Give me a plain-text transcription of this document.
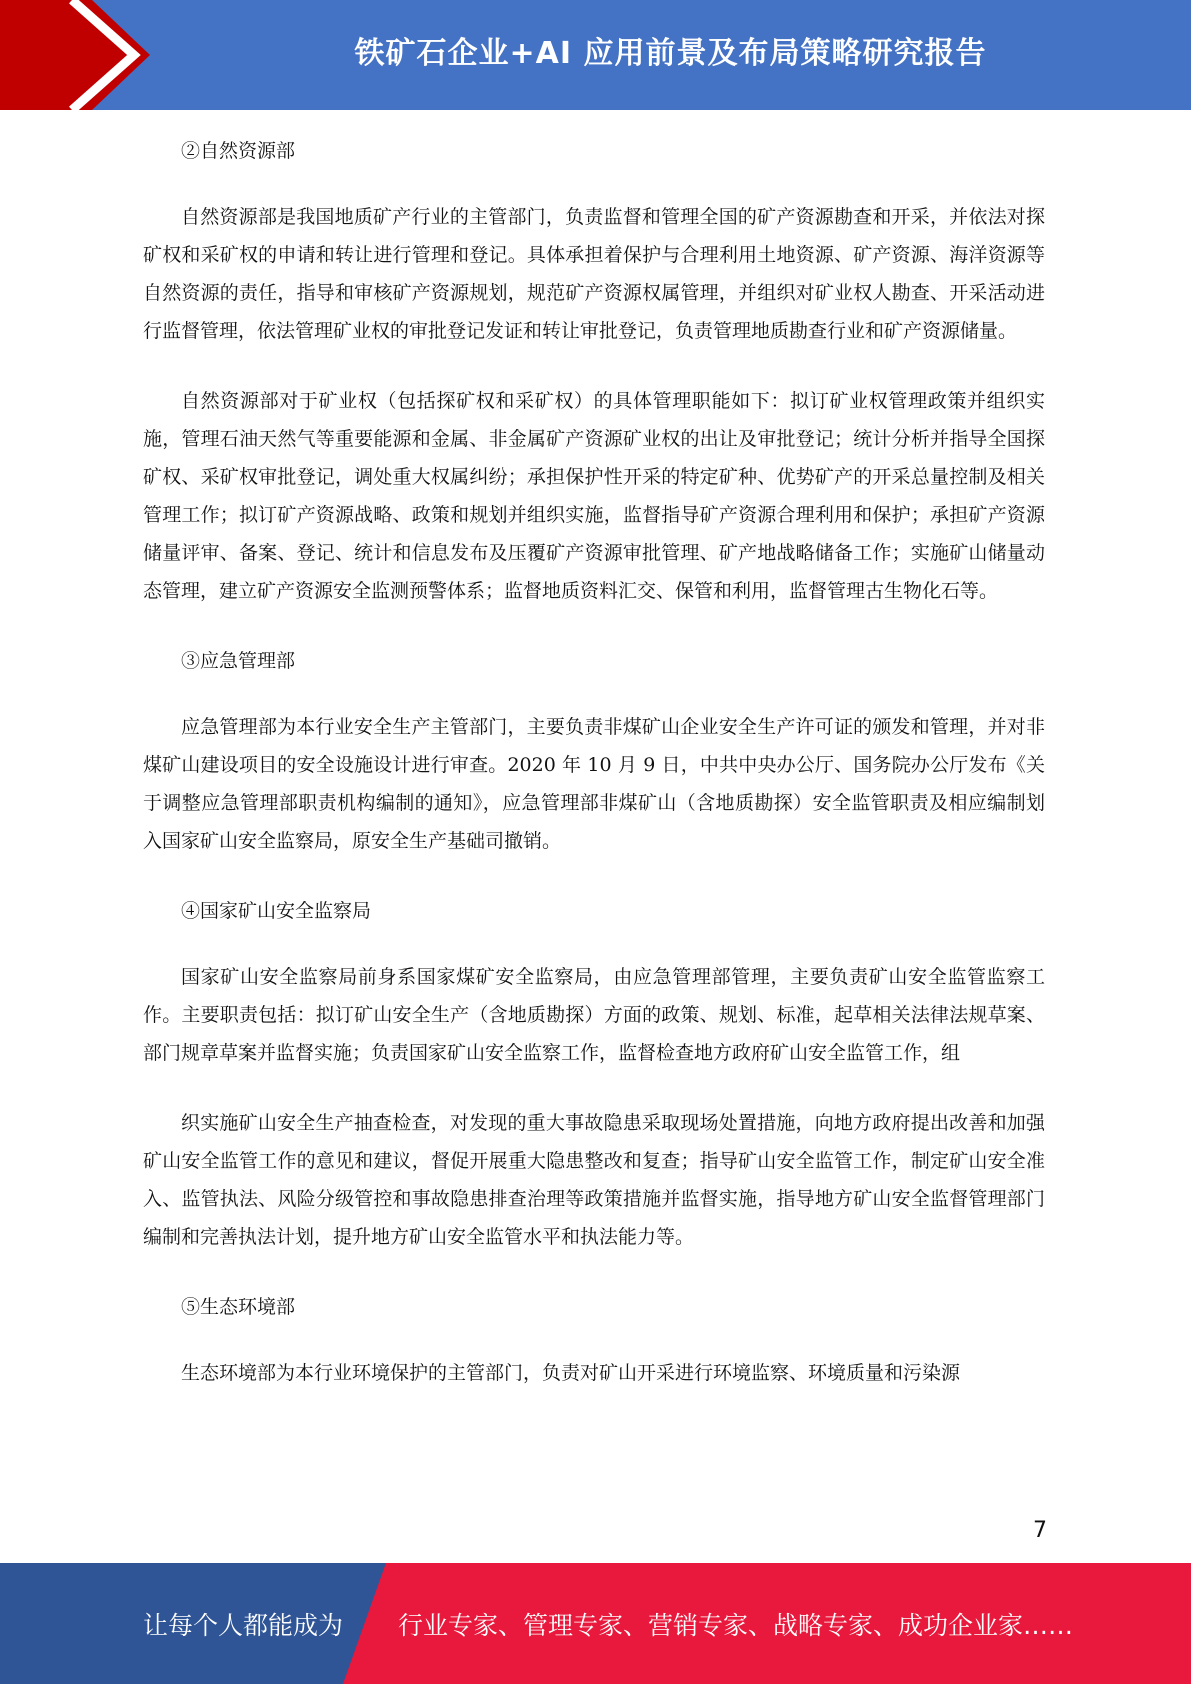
铁矿石企业+AI 应用前景及布局策略研究报告

②自然资源部

自然资源部是我国地质矿产行业的主管部门，负责监督和管理全国的矿产资源勘查和开采，并依法对探矿权和采矿权的申请和转让进行管理和登记。具体承担着保护与合理利用土地资源、矿产资源、海洋资源等自然资源的责任，指导和审核矿产资源规划，规范矿产资源权属管理，并组织对矿业权人勘查、开采活动进行监督管理，依法管理矿业权的审批登记发证和转让审批登记，负责管理地质勘查行业和矿产资源储量。

自然资源部对于矿业权（包括探矿权和采矿权）的具体管理职能如下：拟订矿业权管理政策并组织实施，管理石油天然气等重要能源和金属、非金属矿产资源矿业权的出让及审批登记；统计分析并指导全国探矿权、采矿权审批登记，调处重大权属纠纷；承担保护性开采的特定矿种、优势矿产的开采总量控制及相关管理工作；拟订矿产资源战略、政策和规划并组织实施，监督指导矿产资源合理利用和保护；承担矿产资源储量评审、备案、登记、统计和信息发布及压覆矿产资源审批管理、矿产地战略储备工作；实施矿山储量动态管理，建立矿产资源安全监测预警体系；监督地质资料汇交、保管和利用，监督管理古生物化石等。

③应急管理部

应急管理部为本行业安全生产主管部门，主要负责非煤矿山企业安全生产许可证的颁发和管理，并对非煤矿山建设项目的安全设施设计进行审查。2020 年 10 月 9 日，中共中央办公厅、国务院办公厅发布《关于调整应急管理部职责机构编制的通知》，应急管理部非煤矿山（含地质勘探）安全监管职责及相应编制划入国家矿山安全监察局，原安全生产基础司撤销。

④国家矿山安全监察局

国家矿山安全监察局前身系国家煤矿安全监察局，由应急管理部管理，主要负责矿山安全监管监察工作。主要职责包括：拟订矿山安全生产（含地质勘探）方面的政策、规划、标准，起草相关法律法规草案、部门规章草案并监督实施；负责国家矿山安全监察工作，监督检查地方政府矿山安全监管工作，组

织实施矿山安全生产抽查检查，对发现的重大事故隐患采取现场处置措施，向地方政府提出改善和加强矿山安全监管工作的意见和建议，督促开展重大隐患整改和复查；指导矿山安全监管工作，制定矿山安全准入、监管执法、风险分级管控和事故隐患排查治理等政策措施并监督实施，指导地方矿山安全监督管理部门编制和完善执法计划，提升地方矿山安全监管水平和执法能力等。

⑤生态环境部

生态环境部为本行业环境保护的主管部门，负责对矿山开采进行环境监察、环境质量和污染源

7
让每个人都能成为 行业专家、管理专家、营销专家、战略专家、成功企业家……
